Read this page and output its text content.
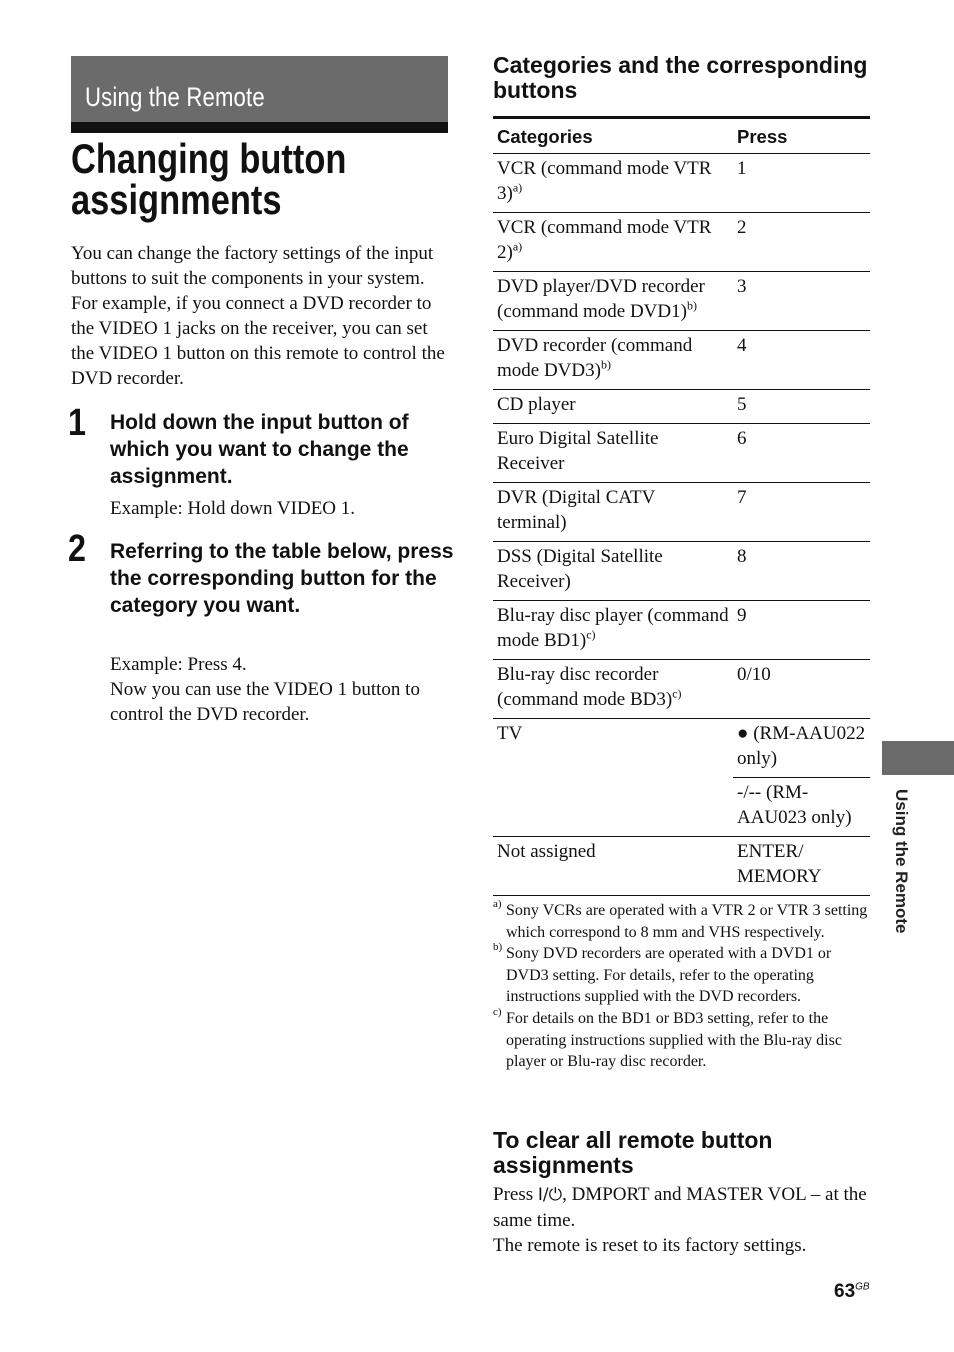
Using the Remote
Changing button assignments

You can change the factory settings of the input buttons to suit the components in your system. For example, if you connect a DVD recorder to the VIDEO 1 jacks on the receiver, you can set the VIDEO 1 button on this remote to control the DVD recorder.

1 Hold down the input button of which you want to change the assignment.

Example: Hold down VIDEO 1.
2 Referring to the table below, press the corresponding button for the category you want.

Example: Press 4.
Now you can use the VIDEO 1 button to control the DVD recorder.
Categories and the corresponding buttons
Categories	Press
VCR (command mode VTR 3)$^{a)}$	1
VCR (command mode VTR 2)$^{a)}$	2
DVD player/DVD recorder (command mode DVD1)$^{b)}$	3
DVD recorder (command mode DVD3)$^{b)}$	4
CD player	5
Euro Digital Satellite Receiver	6
DVR (Digital CATV terminal)	7
DSS (Digital Satellite Receiver)	8
Blu-ray disc player (command mode BD1)$^{c)}$	9
Blu-ray disc recorder (command mode BD3)$^{c)}$	0/10
TV	● (RM-AAU022 only)
	-/-- (RM-AAU023 only)
Not assigned	ENTER/ MEMORY

a) Sony VCRs are operated with a VTR 2 or VTR 3 setting which correspond to 8 mm and VHS respectively.

b) Sony DVD recorders are operated with a DVD1 or DVD3 setting. For details, refer to the operating instructions supplied with the DVD recorders.

c) For details on the BD1 or BD3 setting, refer to the operating instructions supplied with the Blu-ray disc player or Blu-ray disc recorder.

To clear all remote button assignments
Press I/⏻, DMPORT and MASTER VOL – at the same time.
The remote is reset to its factory settings.
Using the Remote
$63^{GB}$
